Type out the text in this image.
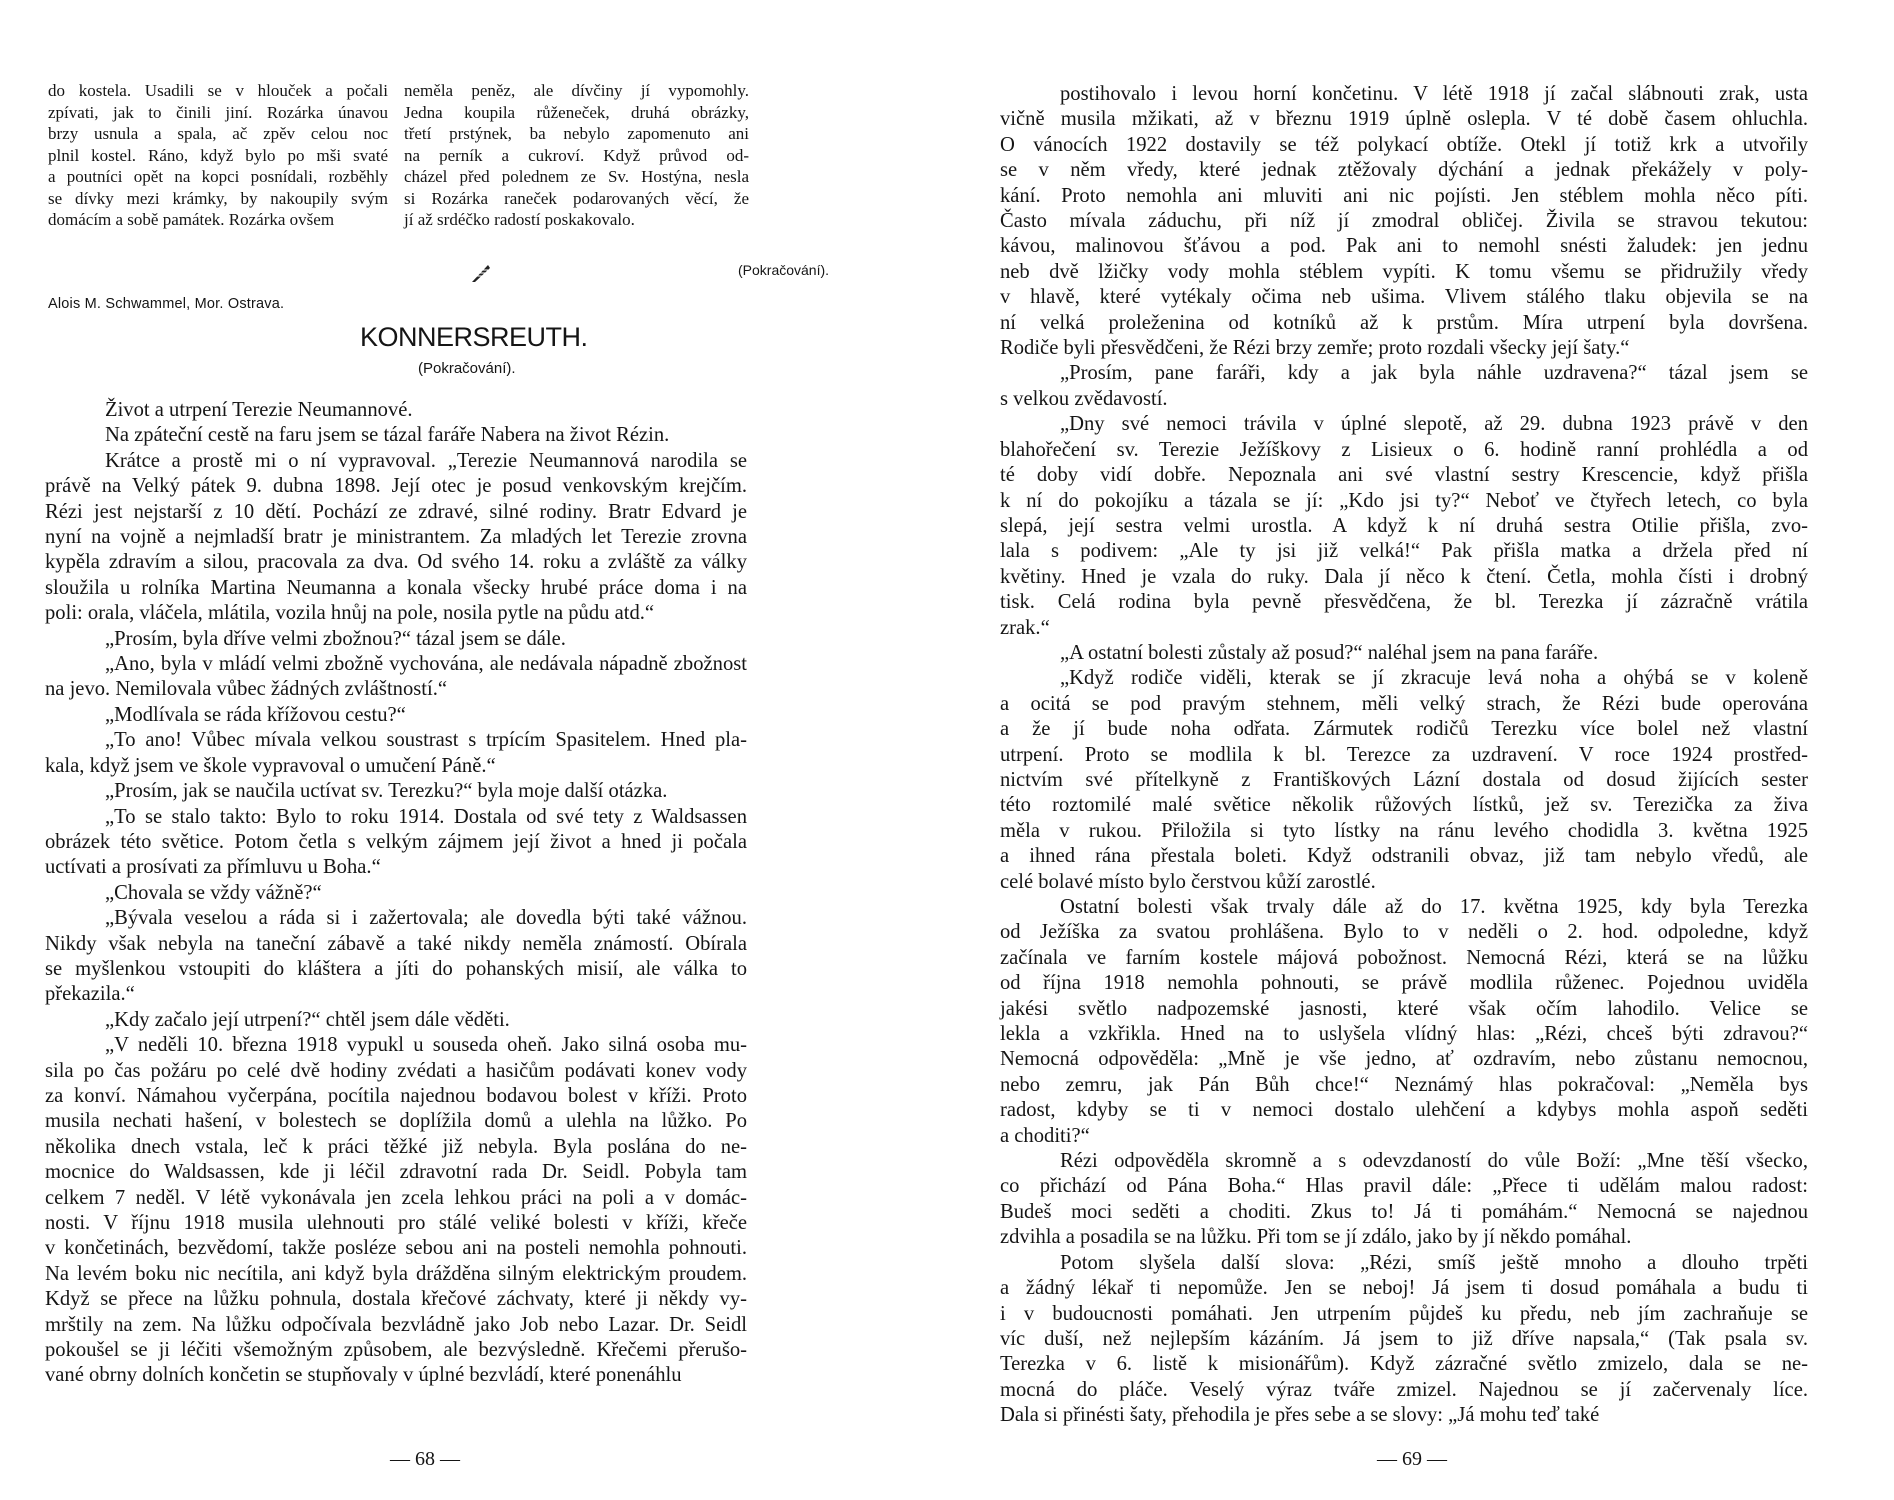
do kostela. Usadili se v hlouček a počali

zpívati, jak to činili jiní. Rozárka únavou

brzy usnula a spala, ač zpěv celou noc

plnil kostel. Ráno, když bylo po mši svaté

a poutníci opět na kopci posnídali, rozběhly

se dívky mezi krámky, by nakoupily svým

domácím a sobě památek. Rozárka ovšem

neměla peněz, ale dívčiny jí vypomohly.

Jedna koupila růženeček, druhá obrázky,

třetí prstýnek, ba nebylo zapomenuto ani

na perník a cukroví. Když průvod od-

cházel před polednem ze Sv. Hostýna, nesla

si Rozárka raneček podarovaných věcí, že

jí až srdéčko radostí poskakovalo.

(Pokračování).
Alois M. Schwammel, Mor. Ostrava.
KONNERSREUTH.
(Pokračování).

Život a utrpení Terezie Neumannové.

Na zpáteční cestě na faru jsem se tázal faráře Nabera na život Rézin.

Krátce a prostě mi o ní vypravoval. „Terezie Neumannová narodila se

právě na Velký pátek 9. dubna 1898. Její otec je posud venkovským krejčím.

Rézi jest nejstarší z 10 dětí. Pochází ze zdravé, silné rodiny. Bratr Edvard je

nyní na vojně a nejmladší bratr je ministrantem. Za mladých let Terezie zrovna

kypěla zdravím a silou, pracovala za dva. Od svého 14. roku a zvláště za války

sloužila u rolníka Martina Neumanna a konala všecky hrubé práce doma i na

poli: orala, vláčela, mlátila, vozila hnůj na pole, nosila pytle na půdu atd.“

„Prosím, byla dříve velmi zbožnou?“ tázal jsem se dále.

„Ano, byla v mládí velmi zbožně vychována, ale nedávala nápadně zbožnost

na jevo. Nemilovala vůbec žádných zvláštností.“

„Modlívala se ráda křížovou cestu?“

„To ano! Vůbec mívala velkou soustrast s trpícím Spasitelem. Hned pla-

kala, když jsem ve škole vypravoval o umučení Páně.“

„Prosím, jak se naučila uctívat sv. Terezku?“ byla moje další otázka.

„To se stalo takto: Bylo to roku 1914. Dostala od své tety z Waldsassen

obrázek této světice. Potom četla s velkým zájmem její život a hned ji počala

uctívati a prosívati za přímluvu u Boha.“

„Chovala se vždy vážně?“

„Bývala veselou a ráda si i zažertovala; ale dovedla býti také vážnou.

Nikdy však nebyla na taneční zábavě a také nikdy neměla známostí. Obírala

se myšlenkou vstoupiti do kláštera a jíti do pohanských misií, ale válka to

překazila.“

„Kdy začalo její utrpení?“ chtěl jsem dále věděti.

„V neděli 10. března 1918 vypukl u souseda oheň. Jako silná osoba mu-

sila po čas požáru po celé dvě hodiny zvédati a hasičům podávati konev vody

za konví. Námahou vyčerpána, pocítila najednou bodavou bolest v kříži. Proto

musila nechati hašení, v bolestech se doplížila domů a ulehla na lůžko. Po

několika dnech vstala, leč k práci těžké již nebyla. Byla poslána do ne-

mocnice do Waldsassen, kde ji léčil zdravotní rada Dr. Seidl. Pobyla tam

celkem 7 neděl. V létě vykonávala jen zcela lehkou práci na poli a v domác-

nosti. V říjnu 1918 musila ulehnouti pro stálé veliké bolesti v kříži, křeče

v končetinách, bezvědomí, takže posléze sebou ani na posteli nemohla pohnouti.

Na levém boku nic necítila, ani když byla drážděna silným elektrickým proudem.

Když se přece na lůžku pohnula, dostala křečové záchvaty, které ji někdy vy-

mrštily na zem. Na lůžku odpočívala bezvládně jako Job nebo Lazar. Dr. Seidl

pokoušel se ji léčiti všemožným způsobem, ale bezvýsledně. Křečemi přerušo-

vané obrny dolních končetin se stupňovaly v úplné bezvládí, které ponenáhlu

— 68 —

postihovalo i levou horní končetinu. V létě 1918 jí začal slábnouti zrak, usta

vičně musila mžikati, až v březnu 1919 úplně oslepla. V té době časem ohluchla.

O vánocích 1922 dostavily se též polykací obtíže. Otekl jí totiž krk a utvořily

se v něm vředy, které jednak ztěžovaly dýchání a jednak překážely v poly-

kání. Proto nemohla ani mluviti ani nic pojísti. Jen stéblem mohla něco píti.

Často mívala záduchu, při níž jí zmodral obličej. Živila se stravou tekutou:

kávou, malinovou šťávou a pod. Pak ani to nemohl snésti žaludek: jen jednu

neb dvě lžičky vody mohla stéblem vypíti. K tomu všemu se přidružily vředy

v hlavě, které vytékaly očima neb ušima. Vlivem stálého tlaku objevila se na

ní velká proleženina od kotníků až k prstům. Míra utrpení byla dovršena.

Rodiče byli přesvědčeni, že Rézi brzy zemře; proto rozdali všecky její šaty.“

„Prosím, pane faráři, kdy a jak byla náhle uzdravena?“ tázal jsem se

s velkou zvědavostí.

„Dny své nemoci trávila v úplné slepotě, až 29. dubna 1923 právě v den

blahořečení sv. Terezie Ježíškovy z Lisieux o 6. hodině ranní prohlédla a od

té doby vidí dobře. Nepoznala ani své vlastní sestry Krescencie, když přišla

k ní do pokojíku a tázala se jí: „Kdo jsi ty?“ Neboť ve čtyřech letech, co byla

slepá, její sestra velmi urostla. A když k ní druhá sestra Otilie přišla, zvo-

lala s podivem: „Ale ty jsi již velká!“ Pak přišla matka a držela před ní

květiny. Hned je vzala do ruky. Dala jí něco k čtení. Četla, mohla čísti i drobný

tisk. Celá rodina byla pevně přesvědčena, že bl. Terezka jí zázračně vrátila

zrak.“

„A ostatní bolesti zůstaly až posud?“ naléhal jsem na pana faráře.

„Když rodiče viděli, kterak se jí zkracuje levá noha a ohýbá se v koleně

a ocitá se pod pravým stehnem, měli velký strach, že Rézi bude operována

a že jí bude noha odřata. Zármutek rodičů Terezku více bolel než vlastní

utrpení. Proto se modlila k bl. Terezce za uzdravení. V roce 1924 prostřed-

nictvím své přítelkyně z Františkových Lázní dostala od dosud žijících sester

této roztomilé malé světice několik růžových lístků, jež sv. Terezička za živa

měla v rukou. Přiložila si tyto lístky na ránu levého chodidla 3. května 1925

a ihned rána přestala boleti. Když odstranili obvaz, již tam nebylo vředů, ale

celé bolavé místo bylo čerstvou kůží zarostlé.

Ostatní bolesti však trvaly dále až do 17. května 1925, kdy byla Terezka

od Ježíška za svatou prohlášena. Bylo to v neděli o 2. hod. odpoledne, když

začínala ve farním kostele májová pobožnost. Nemocná Rézi, která se na lůžku

od října 1918 nemohla pohnouti, se právě modlila růženec. Pojednou uviděla

jakési světlo nadpozemské jasnosti, které však očím lahodilo. Velice se

lekla a vzkřikla. Hned na to uslyšela vlídný hlas: „Rézi, chceš býti zdravou?“

Nemocná odpověděla: „Mně je vše jedno, ať ozdravím, nebo zůstanu nemocnou,

nebo zemru, jak Pán Bůh chce!“ Neznámý hlas pokračoval: „Neměla bys

radost, kdyby se ti v nemoci dostalo ulehčení a kdybys mohla aspoň seděti

a choditi?“

Rézi odpověděla skromně a s odevzdaností do vůle Boží: „Mne těší všecko,

co přichází od Pána Boha.“ Hlas pravil dále: „Přece ti udělám malou radost:

Budeš moci seděti a choditi. Zkus to! Já ti pomáhám.“ Nemocná se najednou

zdvihla a posadila se na lůžku. Při tom se jí zdálo, jako by jí někdo pomáhal.

Potom slyšela další slova: „Rézi, smíš ještě mnoho a dlouho trpěti

a žádný lékař ti nepomůže. Jen se neboj! Já jsem ti dosud pomáhala a budu ti

i v budoucnosti pomáhati. Jen utrpením půjdeš ku předu, neb jím zachraňuje se

víc duší, než nejlepším kázáním. Já jsem to již dříve napsala,“ (Tak psala sv.

Terezka v 6. listě k misionářům). Když zázračné světlo zmizelo, dala se ne-

mocná do pláče. Veselý výraz tváře zmizel. Najednou se jí začervenaly líce.

Dala si přinésti šaty, přehodila je přes sebe a se slovy: „Já mohu teď také

— 69 —
